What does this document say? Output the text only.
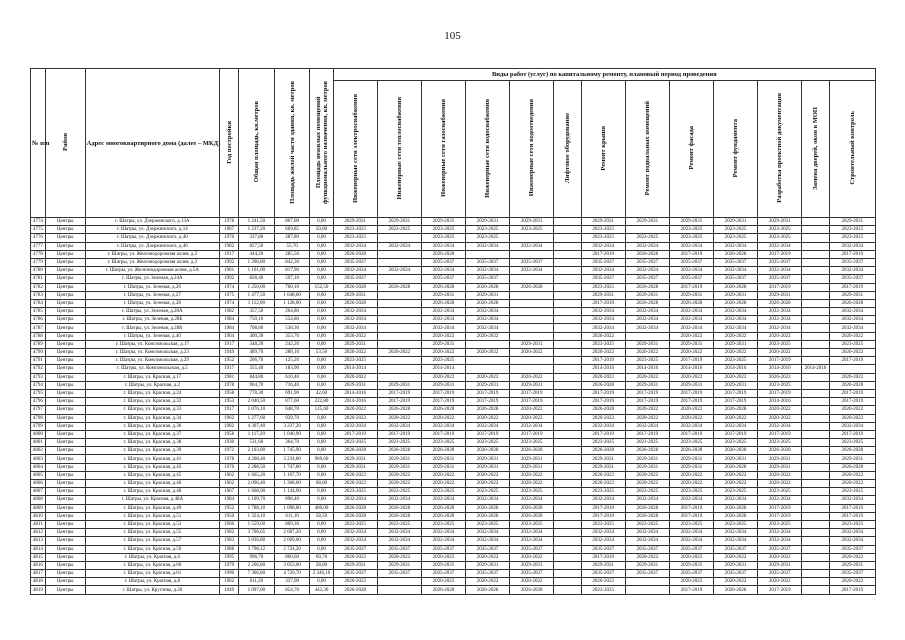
105
№ п/п	Район	Адрес многоквартирного дома (далее – МКД)	Год постройки	Общая площадь, кв.метров	Площадь жилой части здания, кв. метров	Площадь нежилых помещений функционального назначения, кв. метров	Виды работ (услуг) по капитальному ремонту, плановый период проведения												
							Инженерные сети электроснабжения	Инженерные сети теплоснабжения	Инженерные сети газоснабжения	Инженерные сети водоснабжения	Инженерные сети водоотведения	Лифтовое оборудование	Ремонт крыши	Ремонт подвальных помещений	Ремонт фасада	Ремонт фундамента	Разработка проектной документации	Замена дверей, окон в МОП	Строительный контроль
4774	Центры	г. Шатры, ул. Дзержинского, д.13А	1978	1 241,50	867,00	0,00	2029-2031	2029-2031	2029-2031	2029-2031	2029-2031		2029-2031	2029-2031	2029-2031	2029-2031	2029-2031		2029-2031
4775	Центры	г. Шатры, ул. Дзержинского, д.14	1967	1 237,20	669,85	50,60	2023-2025	2023-2025	2023-2025	2023-2025	2023-2025		2023-2025		2023-2025	2023-2025	2023-2025		2023-2025
4776	Центры	г. Шатры, ул. Дзержинского, д.40	1970	337,80	287,80	0,00	2023-2025		2023-2025	2023-2025			2023-2025	2023-2025	2023-2025	2023-2025	2023-2025		2023-2025
4777	Центры	г. Шатры, ул. Дзержинского, д.46	1982	827,50	55,70	0,00	2032-2034	2032-2034	2032-2034	2032-2034	2032-2034		2032-2034	2032-2034	2032-2034	2032-2034	2032-2034		2032-2034
4778	Центры	г. Шатры, ул. Железнодорожная аллея, д.2	1917	444,20	285,50	0,00	2026-2028		2026-2028				2017-2019	2026-2028	2017-2019	2026-2028	2017-2019		2017-2019
4779	Центры	г. Шатры, ул. Железнодорожная аллея, д.3	1992	1 200,80	842,30	0,00	2035-2037		2035-2037	2035-2037	2035-2037		2035-2037	2035-2037	2035-2037	2035-2037	2035-2037		2035-2037
4780	Центры	г. Шатры, ул. Железнодорожная аллея, д.5А	1981	1 161,00	817,90	0,00	2032-2034	2032-2034	2032-2034	2032-2034	2032-2034		2032-2034	2032-2034	2032-2034	2032-2034	2032-2034		2032-2034
4781	Центры	г. Шатры, ул. Зеленая, д.24А	1992	828,40	597,10	0,00	2035-2037		2035-2037	2035-2037			2035-2037	2035-2037	2035-2037	2035-2037	2035-2037		2035-2037
4782	Центры	г. Шатры, ул. Зеленая, д.26	1974	1 250,00	760,10	152,50	2026-2028	2026-2028	2026-2028	2026-2028	2026-2028		2023-2025	2026-2028	2017-2019	2026-2028	2017-2019		2017-2019
4783	Центры	г. Шатры, ул. Зеленая, д.27	1975	1 477,50	1 048,60	0,00	2029-2031		2029-2031	2029-2031			2029-2031	2029-2031	2029-2031	2029-2031	2029-2031		2029-2031
4784	Центры	г. Шатры, ул. Зеленая, д.28	1974	1 112,00	1 128,00	0,00	2026-2028		2026-2028	2026-2028			2017-2019	2026-2028	2026-2028	2026-2028	2026-2028		2026-2028
4785	Центры	г. Шатры, ул. Зеленая, д.28А	1982	357,50	264,80	0,00	2032-2034		2032-2034	2032-2034			2032-2034	2032-2034	2032-2034	2032-2034	2032-2034		2032-2034
4786	Центры	г. Шатры, ул. Зеленая, д.28Б	1984	750,10	554,80	0,00	2032-2034		2032-2034	2032-2034			2032-2034	2032-2034	2032-2034	2032-2034	2032-2034		2032-2034
4787	Центры	г. Шатры, ул. Зеленая, д.28В	1984	708,80	538,30	0,00	2032-2034		2032-2034	2032-2034			2032-2034	2032-2034	2032-2034	2032-2034	2032-2034		2032-2034
4788	Центры	г. Шатры, ул. Зеленая, д.40	1964	400,30	353,70	0,00	2020-2022		2020-2022	2020-2022			2020-2022		2020-2022	2020-2022	2020-2022		2020-2022
4789	Центры	г. Шатры, ул. Комсомольская, д.17	1917	348,20	242,20	0,00	2029-2031		2029-2031		2029-2031		2023-2025	2029-2031	2029-2031	2029-2031	2023-2025		2023-2025
4790	Центры	г. Шатры, ул. Комсомольская, д.23	1949	489,70	288,10	53,50	2020-2022	2020-2022	2020-2022	2020-2022	2020-2022		2020-2022	2020-2022	2020-2022	2020-2022	2020-2022		2020-2022
4791	Центры	г. Шатры, ул. Комсомольская, д.29	1952	206,70	125,20	0,00	2023-2025		2023-2025				2017-2019	2023-2025	2017-2019	2023-2025	2017-2019		2017-2019
4792	Центры	г. Шатры, ул. Комсомольская, д.5	1917	355,40	183,90	0,00	2014-2014		2014-2014				2014-2016	2014-2016	2014-2016	2014-2016	2014-2016	2014-2016	
4793	Центры	г. Шатры, ул. Красная, д.17	1981	844,80	610,40	0,00	2020-2022		2020-2022	2020-2022	2020-2022		2020-2022	2020-2022	2020-2022	2020-2022	2020-2022		2020-2022
4794	Центры	г. Шатры, ул. Красная, д.2	1978	964,70	716,40	0,00	2029-2031	2029-2031	2029-2031	2029-2031	2029-2031		2026-2028	2029-2031	2029-2031	2029-2031	2023-2025		2026-2028
4795	Центры	г. Шатры, ул. Красная, д.24	1958	778,30	691,90	42,60	2014-2016	2017-2019	2017-2019	2017-2019	2017-2019		2017-2019	2017-2019	2017-2019	2017-2019	2017-2019		2017-2019
4796	Центры	г. Шатры, ул. Красная, д.32	1953	2 040,50	877,60	222,80	2014-2016	2017-2019	2017-2019	2017-2019	2017-2019		2017-2019	2017-2019	2017-2019	2017-2019	2014-2016		2017-2019
4797	Центры	г. Шатры, ул. Красная, д.33	1917	1 076,10	648,70	125,60	2020-2022	2026-2028	2026-2028	2026-2028	2020-2022		2026-2028	2020-2022	2020-2022	2026-2028	2020-2022		2020-2022
4798	Центры	г. Шатры, ул. Красная, д.34	1962	1 277,60	939,70	0,00	2020-2022	2020-2022	2020-2022	2020-2022	2020-2022		2020-2022	2020-2022	2020-2022	2020-2022	2020-2022		2020-2022
4799	Центры	г. Шатры, ул. Красная, д.36	1982	4 307,40	3 237,20	0,00	2032-2034	2032-2034	2032-2034	2032-2034	2032-2034		2032-2034	2032-2034	2032-2034	2032-2034	2032-2034		2032-2034
4800	Центры	г. Шатры, ул. Красная, д.37	1958	1 117,20	1 040,90	0,00	2017-2019	2017-2019	2017-2019	2017-2019	2017-2019		2017-2019	2017-2019	2017-2019	2017-2019	2017-2019		2017-2019
4801	Центры	г. Шатры, ул. Красная, д.38	1930	531,60	364,70	0,00	2023-2025	2023-2025	2023-2025	2023-2025	2023-2025		2023-2025	2023-2025	2023-2025	2023-2025	2023-2025		2023-2025
4802	Центры	г. Шатры, ул. Красная, д.39	1972	2 103,80	1 745,90	0,00	2026-2028	2026-2028	2026-2028	2026-2028	2026-2028		2026-2028	2026-2028	2026-2028	2026-2028	2026-2028		2026-2028
4803	Центры	г. Шатры, ул. Красная, д.41	1978	4 208,40	3 234,80	969,60	2029-2031	2029-2031	2029-2031	2029-2031	2029-2031		2029-2031	2029-2031	2029-2031	2029-2031	2029-2031		2029-2031
4804	Центры	г. Шатры, ул. Красная, д.43	1976	2 288,50	1 747,80	0,00	2029-2031	2029-2031	2029-2031	2029-2031	2029-2031		2029-2031	2029-2031	2029-2031	2026-2028	2029-2031		2026-2028
4805	Центры	г. Шатры, ул. Красная, д.45	1962	1 665,20	1 167,70	0,00	2020-2022	2020-2022	2020-2022	2020-2022	2020-2022		2020-2022	2020-2022	2020-2022	2020-2022	2020-2022		2020-2022
4806	Центры	г. Шатры, ул. Красная, д.46	1962	2 096,40	1 368,60	68,80	2020-2022	2020-2022	2020-2022	2020-2022	2020-2022		2020-2022	2020-2022	2020-2022	2020-2022	2020-2022		2020-2022
4807	Центры	г. Шатры, ул. Красная, д.48	1967	1 668,90	1 144,90	0,00	2023-2025	2023-2025	2023-2025	2023-2025	2023-2025		2023-2025	2023-2025	2023-2025	2023-2025	2023-2025		2023-2025
4808	Центры	г. Шатры, ул. Красная, д.48А	1984	1 109,70	898,40	0,00	2032-2034	2032-2034	2032-2034	2032-2034	2032-2034		2032-2034	2032-2034	2032-2034	2032-2034	2032-2034		2032-2034
4809	Центры	г. Шатры, ул. Красная, д.49	1952	1 788,10	1 098,80	480,00	2026-2028	2026-2028	2026-2028	2026-2028	2026-2028		2017-2019	2026-2028	2017-2019	2026-2028	2017-2019		2017-2019
4810	Центры	г. Шатры, ул. Красная, д.51	1950	1 324,10	611,10	58,50	2026-2028	2026-2028	2026-2028	2026-2028	2026-2028		2017-2019	2026-2028	2017-2019	2026-2028	2017-2019		2017-2019
4811	Центры	г. Шатры, ул. Красная, д.53	1966	1 559,60	809,30	0,00	2023-2025	2023-2025	2023-2025	2023-2025	2023-2025		2023-2025	2023-2025	2023-2025	2023-2025	2023-2025		2023-2025
4812	Центры	г. Шатры, ул. Красная, д.55	1982	3 706,65	2 687,20	0,00	2032-2034	2032-2034	2032-2034	2032-2034	2032-2034		2032-2034	2032-2034	2032-2034	2032-2034	2032-2034		2032-2034
4813	Центры	г. Шатры, ул. Красная, д.57	1983	3 836,80	2 609,00	0,00	2032-2034	2032-2034	2032-2034	2032-2034	2032-2034		2032-2034	2032-2034	2032-2034	2032-2034	2032-2034		2032-2034
4814	Центры	г. Шатры, ул. Красная, д.59	1988	3 798,12	2 724,20	0,00	2035-2037	2035-2037	2035-2037	2035-2037	2035-2037		2035-2037	2035-2037	2035-2037	2035-2037	2035-2037		2035-2037
4815	Центры	г. Шатры, ул. Красная, д.6	1995	996,70	860,60	69,70	2020-2022	2020-2022	2020-2022	2020-2022	2020-2022		2017-2019	2020-2022	2020-2022	2020-2022	2020-2022		2020-2022
4816	Центры	г. Шатры, ул. Красная, д.60	1979	2 266,80	3 053,00	28,00	2029-2031	2029-2031	2029-2031	2029-2031	2029-2031		2029-2031	2029-2031	2029-2031	2029-2031	2029-2031		2029-2031
4817	Центры	г. Шатры, ул. Красная, д.61	1990	7 366,80	4 720,70	2 346,10	2035-2037	2035-2037	2035-2037	2035-2037	2035-2037		2035-2037	2035-2037	2035-2037	2035-2037	2035-2037		2035-2037
4818	Центры	г. Шатры, ул. Красная, д.8	1962	611,20	337,00	0,00	2020-2022		2020-2022	2020-2022	2020-2022		2020-2022		2020-2022	2020-2022	2020-2022		2020-2022
4819	Центры	г. Шатры, ул. Круглова, д.26	1949	1 097,00	854,70	442,30	2026-2028		2026-2028	2026-2028	2026-2028		2023-2025		2017-2019	2026-2028	2017-2019		2017-2019
